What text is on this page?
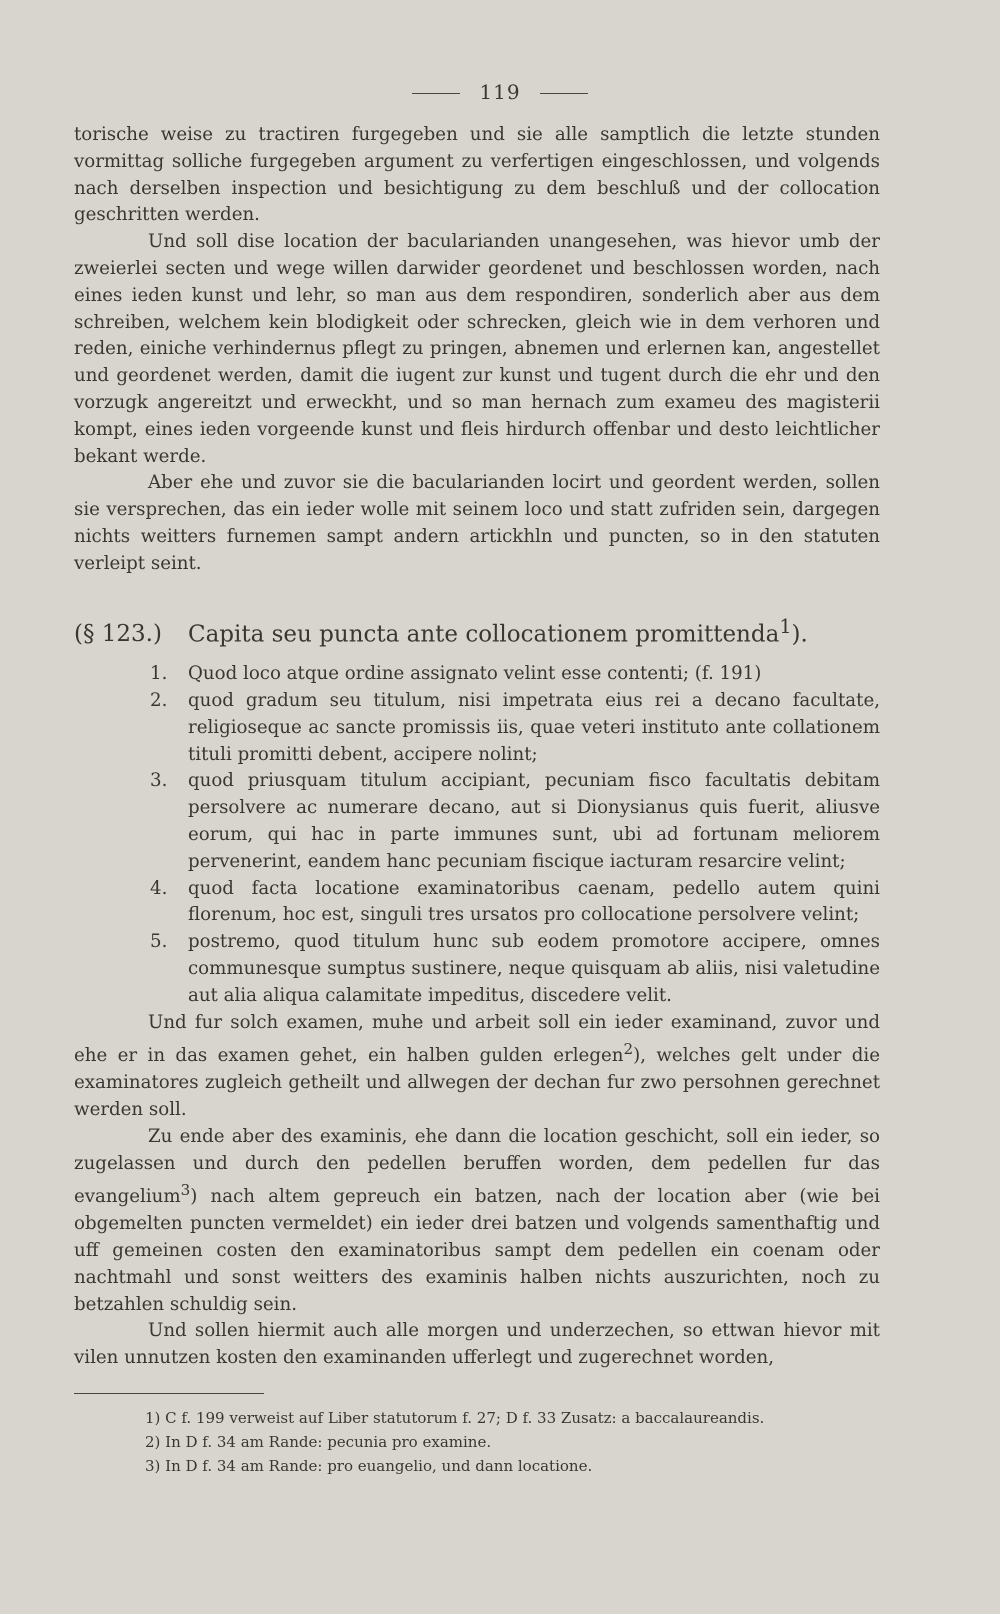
119

torische weise zu tractiren furgegeben und sie alle samptlich die letzte stunden vormittag solliche furgegeben argument zu verfertigen eingeschlossen, und volgends nach derselben inspection und besichtigung zu dem beschluß und der collocation geschritten werden.

Und soll dise location der bacularianden unangesehen, was hievor umb der zweierlei secten und wege willen darwider geordenet und beschlossen worden, nach eines ieden kunst und lehr, so man aus dem respondiren, sonderlich aber aus dem schreiben, welchem kein blodigkeit oder schrecken, gleich wie in dem verhoren und reden, einiche verhindernus pflegt zu pringen, abnemen und erlernen kan, angestellet und geordenet werden, damit die iugent zur kunst und tugent durch die ehr und den vorzugk angereitzt und erweckht, und so man hernach zum exameu des magisterii kompt, eines ieden vorgeende kunst und fleis hirdurch offenbar und desto leichtlicher bekant werde.

Aber ehe und zuvor sie die bacularianden locirt und geordent werden, sollen sie versprechen, das ein ieder wolle mit seinem loco und statt zufriden sein, dargegen nichts weitters furnemen sampt andern artickhln und puncten, so in den statuten verleipt seint.

(§ 123.) Capita seu puncta ante collocationem promittenda$^1$).

1. Quod loco atque ordine assignato velint esse contenti; (f. 191)
2. quod gradum seu titulum, nisi impetrata eius rei a decano facultate, religioseque ac sancte promissis iis, quae veteri instituto ante collationem tituli promitti debent, accipere nolint;
3. quod priusquam titulum accipiant, pecuniam fisco facultatis debitam persolvere ac numerare decano, aut si Dionysianus quis fuerit, aliusve eorum, qui hac in parte immunes sunt, ubi ad fortunam meliorem pervenerint, eandem hanc pecuniam fiscique iacturam resarcire velint;
4. quod facta locatione examinatoribus caenam, pedello autem quini florenum, hoc est, singuli tres ursatos pro collocatione persolvere velint;
5. postremo, quod titulum hunc sub eodem promotore accipere, omnes communesque sumptus sustinere, neque quisquam ab aliis, nisi valetudine aut alia aliqua calamitate impeditus, discedere velit.

Und fur solch examen, muhe und arbeit soll ein ieder examinand, zuvor und ehe er in das examen gehet, ein halben gulden erlegen$^2$), welches gelt under die examinatores zugleich getheilt und allwegen der dechan fur zwo persohnen gerechnet werden soll.

Zu ende aber des examinis, ehe dann die location geschicht, soll ein ieder, so zugelassen und durch den pedellen beruffen worden, dem pedellen fur das evangelium$^3$) nach altem gepreuch ein batzen, nach der location aber (wie bei obgemelten puncten vermeldet) ein ieder drei batzen und volgends samenthaftig und uff gemeinen costen den examinatoribus sampt dem pedellen ein coenam oder nachtmahl und sonst weitters des examinis halben nichts auszurichten, noch zu betzahlen schuldig sein.

Und sollen hiermit auch alle morgen und underzechen, so ettwan hievor mit vilen unnutzen kosten den examinanden ufferlegt und zugerechnet worden,

1) C f. 199 verweist auf Liber statutorum f. 27; D f. 33 Zusatz: a baccalaureandis.
2) In D f. 34 am Rande: pecunia pro examine.
3) In D f. 34 am Rande: pro euangelio, und dann locatione.
